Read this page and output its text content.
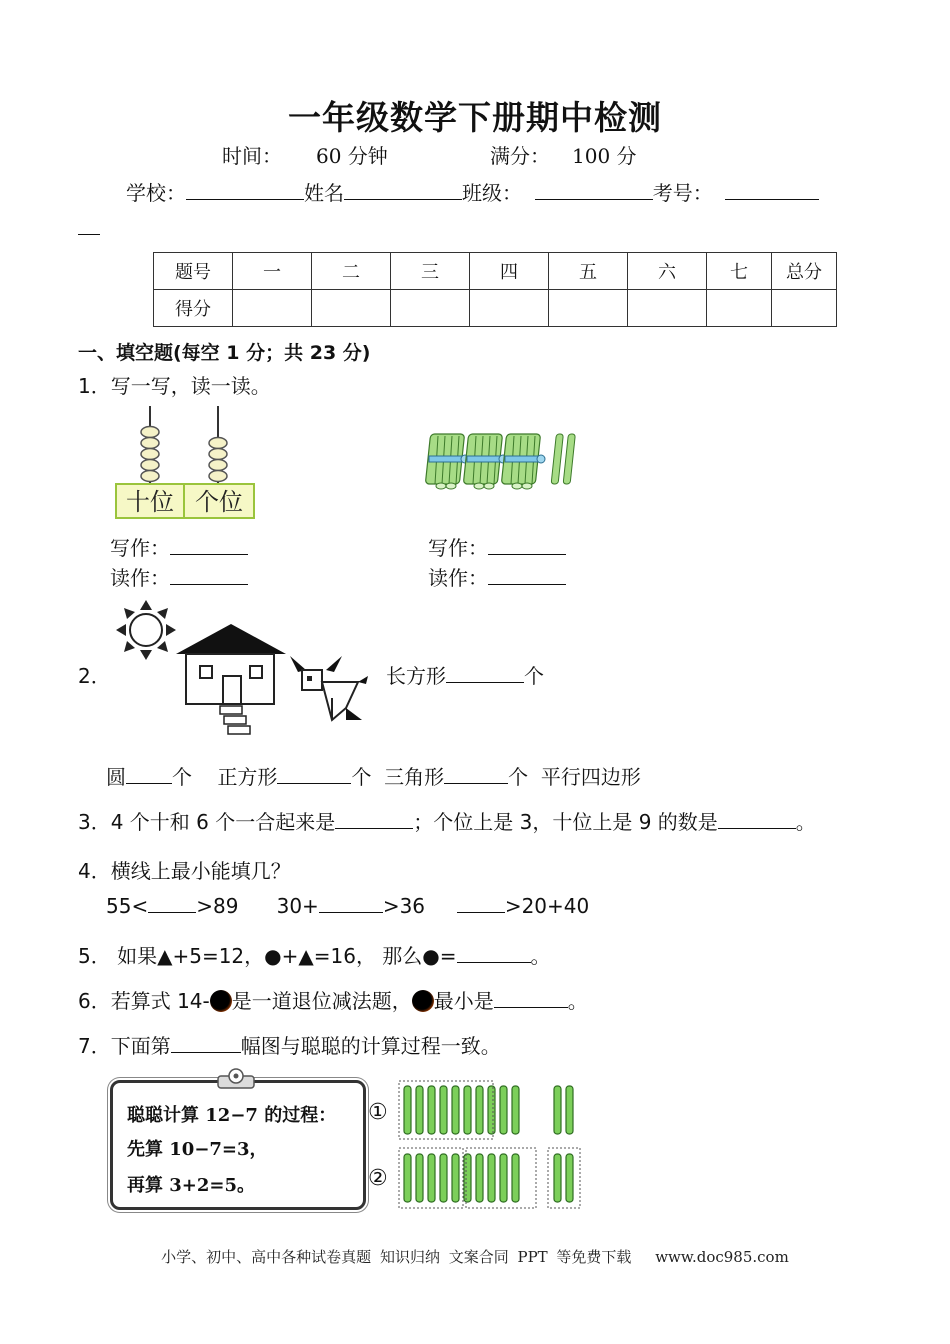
一年级数学下册期中检测
时间： 60 分钟	满分： 100 分
学校：	姓名	班级：	考号：
题号	一	二	三	四	五	六	七	总分
得分								
一、填空题(每空 1 分；共 23 分)
1．写一写，读一读。
十位 个位
写作：
读作：
写作：
读作：
2．	长方形	个
圆 个 正方形	个 三角形	个 平行四边形
3．4 个十和 6 个一合起来是	；个位上是 3，十位上是 9 的数是	。
4．横线上最小能填几？
55< >89 30+	>36	>20+40
5． 如果▲+5=12，●+▲=16， 那么●=	。
6．若算式 14- 是一道退位减法题， 最小是	。
7．下面第	幅图与聪聪的计算过程一致。
聪聪计算 12−7 的过程：
先算 10−7=3，
再算 3+2=5。
①
②
小学、初中、高中各种试卷真题 知识归纳 文案合同 PPT 等免费下载　 www.doc985.com
